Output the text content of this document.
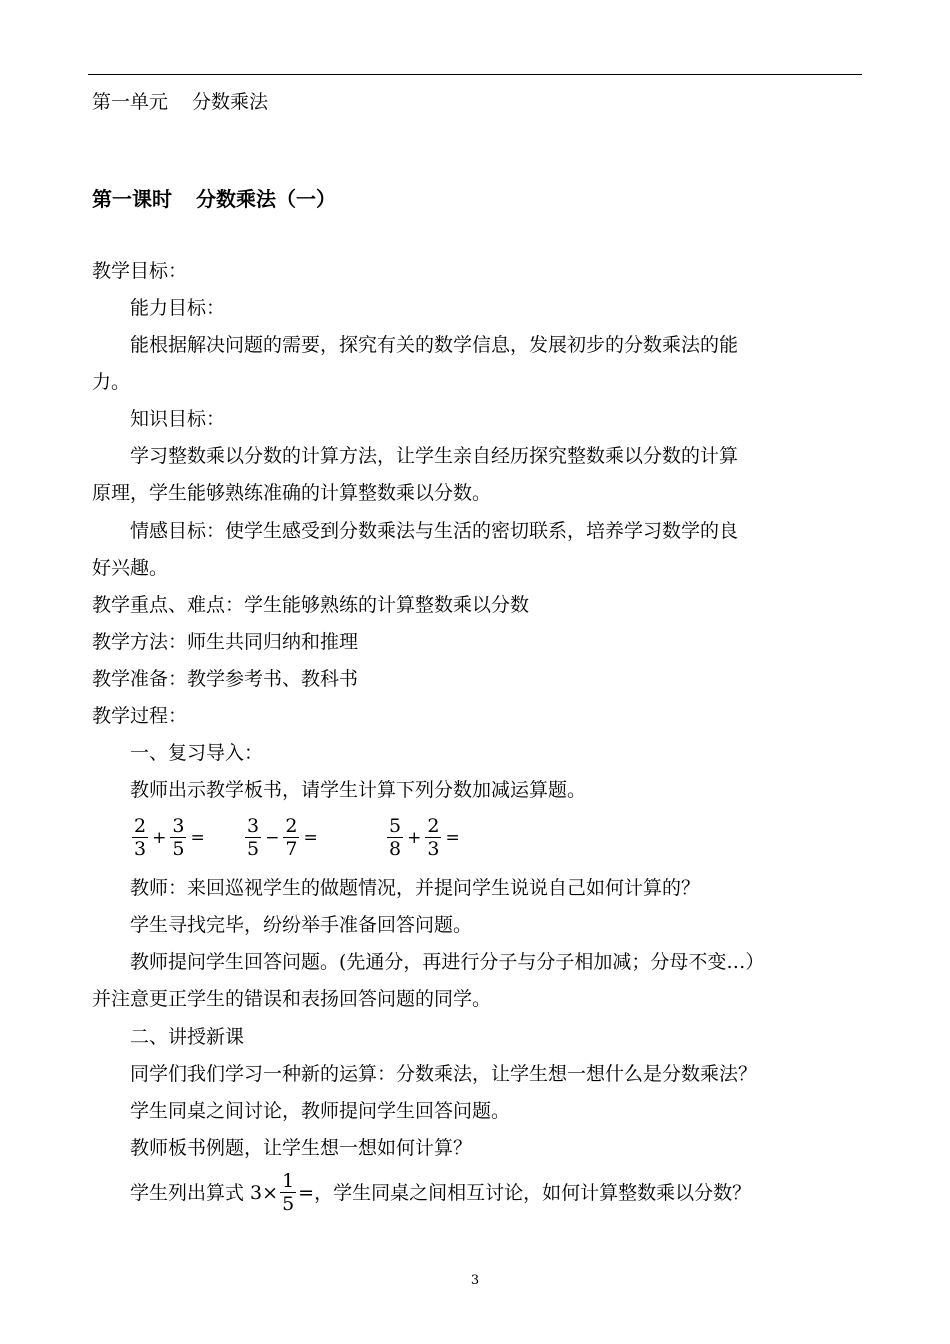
第一单元 分数乘法
第一课时 分数乘法（一）
教学目标：
能力目标：
能根据解决问题的需要，探究有关的数学信息，发展初步的分数乘法的能
力。
知识目标：
学习整数乘以分数的计算方法，让学生亲自经历探究整数乘以分数的计算
原理，学生能够熟练准确的计算整数乘以分数。
情感目标：使学生感受到分数乘法与生活的密切联系，培养学习数学的良
好兴趣。
教学重点、难点：学生能够熟练的计算整数乘以分数
教学方法：师生共同归纳和推理
教学准备：教学参考书、教科书
教学过程：
一、复习导入：
教师出示教学板书，请学生计算下列分数加减运算题。
$\frac{2}{3} + \frac{3}{5} = \frac{3}{5} - \frac{2}{7}$ =	$\frac{5}{8} + \frac{2}{3}$ =
教师：来回巡视学生的做题情况，并提问学生说说自己如何计算的？
学生寻找完毕，纷纷举手准备回答问题。
教师提问学生回答问题。(先通分，再进行分子与分子相加减；分母不变…）
并注意更正学生的错误和表扬回答问题的同学。
二、讲授新课
同学们我们学习一种新的运算：分数乘法，让学生想一想什么是分数乘法？
学生同桌之间讨论，教师提问学生回答问题。
教师板书例题，让学生想一想如何计算？
学生列出算式 $3\times \frac{1}{5}$ =，学生同桌之间相互讨论，如何计算整数乘以分数？
3
